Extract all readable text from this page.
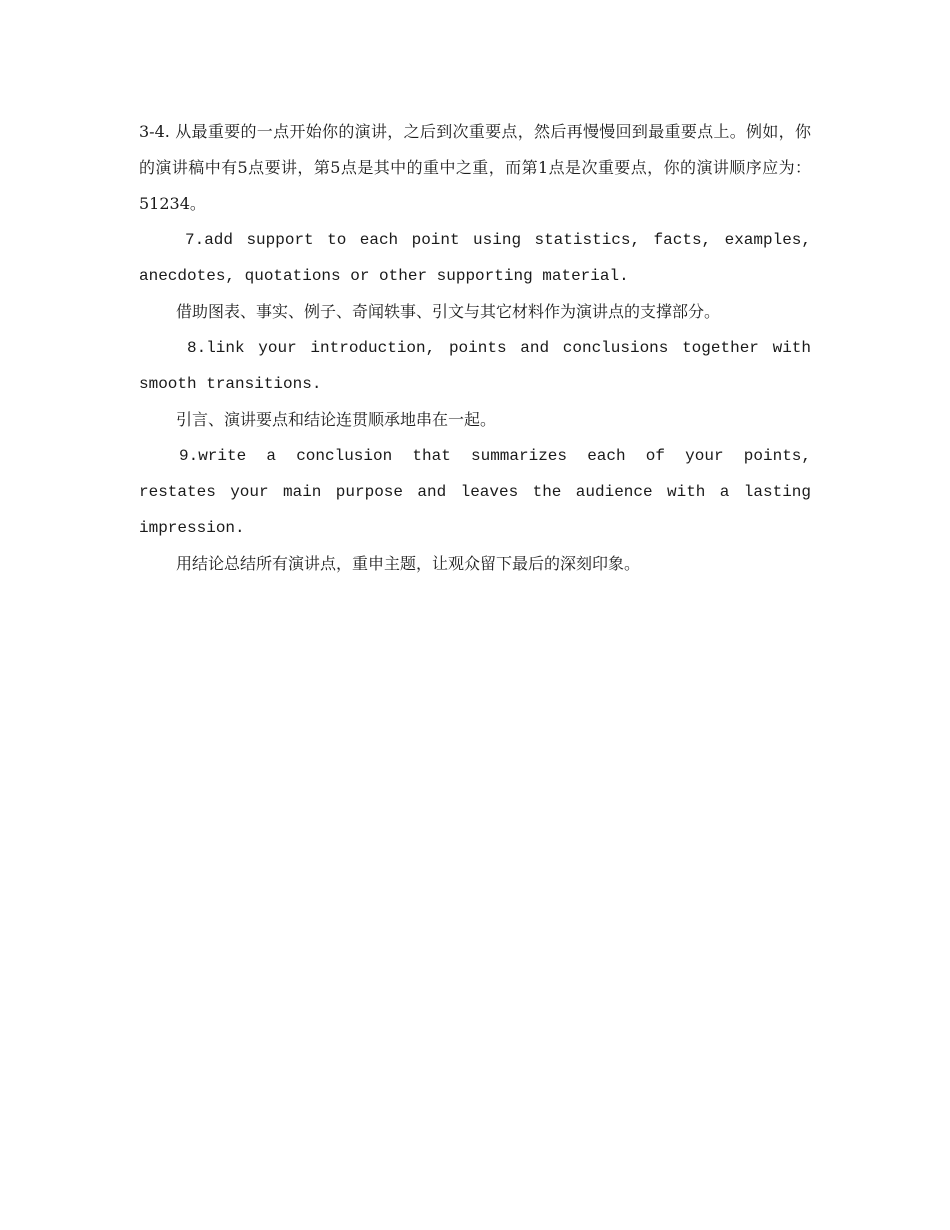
3-4. 从最重要的一点开始你的演讲，之后到次重要点，然后再慢慢回到最重要点上。例如，你的演讲稿中有5点要讲，第5点是其中的重中之重，而第1点是次重要点，你的演讲顺序应为：51234。

7.add support to each point using statistics, facts, examples, anecdotes, quotations or other supporting material.

借助图表、事实、例子、奇闻轶事、引文与其它材料作为演讲点的支撑部分。

8.link your introduction, points and conclusions together with smooth transitions.

引言、演讲要点和结论连贯顺承地串在一起。

9.write a conclusion that summarizes each of your points, restates your main purpose and leaves the audience with a lasting impression.

用结论总结所有演讲点，重申主题，让观众留下最后的深刻印象。
